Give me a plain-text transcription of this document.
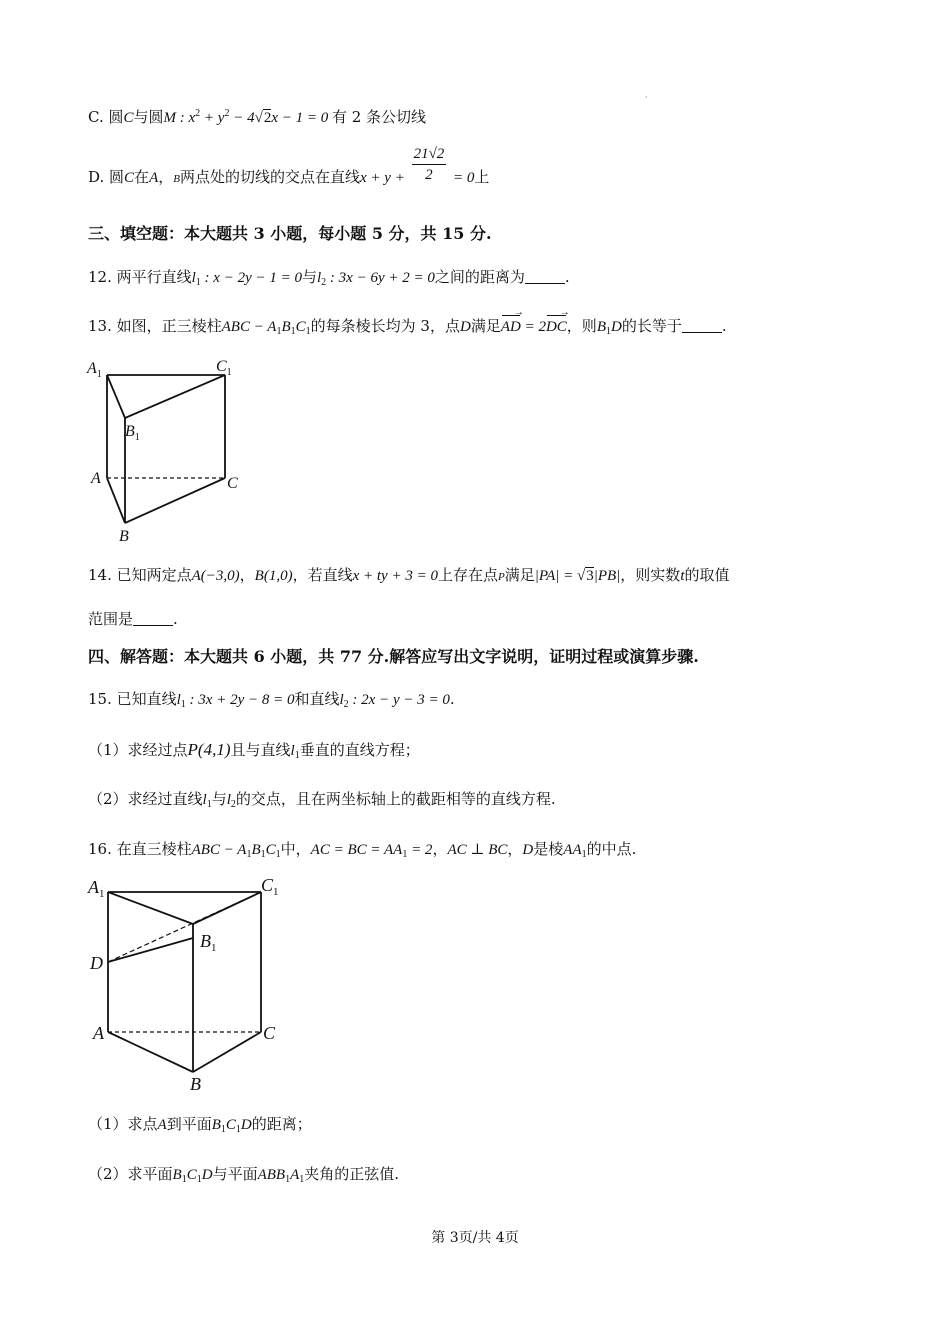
·
C. 圆C与圆M : $x^2 + y^2 - 4√2x - 1 = 0$ 有 2 条公切线
D. 圆C在A，B两点处的切线的交点在直线$x + y + \frac{21√2}{2} = 0$上
三、填空题：本大题共 3 小题，每小题 5 分，共 15 分.
12. 两平行直线$l_1$ : x − 2y − 1 = 0与$l_2$ : 3x − 6y + 2 = 0之间的距离为	.
13. 如图，正三棱柱ABC − $A_1B_1C_1$的每条棱长均为 3，点D满足AD → = 2DC →，则$B_1D$的长等于	.
$A_1$	$C_1$
$B_1$
A	C
B
14. 已知两定点A(−3,0)，B(1,0)，若直线x + ty + 3 = 0上存在点P满足|PA| = √3|PB|，则实数t的取值
范围是	.
四、解答题：本大题共 6 小题，共 77 分.解答应写出文字说明，证明过程或演算步骤.
15. 已知直线$l_1$ : 3x + 2y − 8 = 0和直线$l_2$ : 2x − y − 3 = 0.
（1）求经过点P(4,1)且与直线$l_1$垂直的直线方程；
（2）求经过直线$l_1$与$l_2$的交点，且在两坐标轴上的截距相等的直线方程.
16. 在直三棱柱ABC − $A_1B_1C_1$中，AC = BC = $AA_1 = 2$，AC ⊥ BC，D是棱$AA_1$的中点.
$A_1$	$C_1$
$B_1$
D
A	C
B
（1）求点A到平面$B_1C_1D$的距离；
（2）求平面$B_1C_1D$与平面$ABB_1A_1$夹角的正弦值.
第 3页/共 4页
